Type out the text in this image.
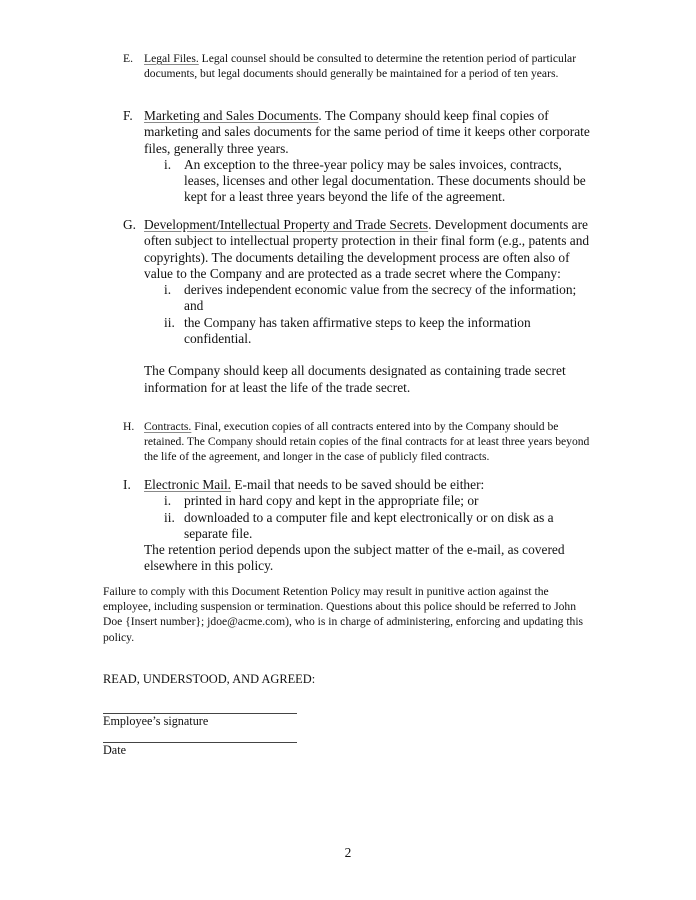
E. Legal Files. Legal counsel should be consulted to determine the retention period of particular documents, but legal documents should generally be maintained for a period of ten years.
F. Marketing and Sales Documents. The Company should keep final copies of marketing and sales documents for the same period of time it keeps other corporate files, generally three years.
i. An exception to the three-year policy may be sales invoices, contracts, leases, licenses and other legal documentation. These documents should be kept for a least three years beyond the life of the agreement.
G. Development/Intellectual Property and Trade Secrets. Development documents are often subject to intellectual property protection in their final form (e.g., patents and copyrights). The documents detailing the development process are often also of value to the Company and are protected as a trade secret where the Company:
i. derives independent economic value from the secrecy of the information; and
ii. the Company has taken affirmative steps to keep the information confidential.
The Company should keep all documents designated as containing trade secret information for at least the life of the trade secret.
H. Contracts. Final, execution copies of all contracts entered into by the Company should be retained. The Company should retain copies of the final contracts for at least three years beyond the life of the agreement, and longer in the case of publicly filed contracts.
I. Electronic Mail. E-mail that needs to be saved should be either:
i. printed in hard copy and kept in the appropriate file; or
ii. downloaded to a computer file and kept electronically or on disk as a separate file.
The retention period depends upon the subject matter of the e-mail, as covered elsewhere in this policy.
Failure to comply with this Document Retention Policy may result in punitive action against the employee, including suspension or termination. Questions about this police should be referred to John Doe {Insert number}; jdoe@acme.com), who is in charge of administering, enforcing and updating this policy.
READ, UNDERSTOOD, AND AGREED:
Employee’s signature
Date
2
